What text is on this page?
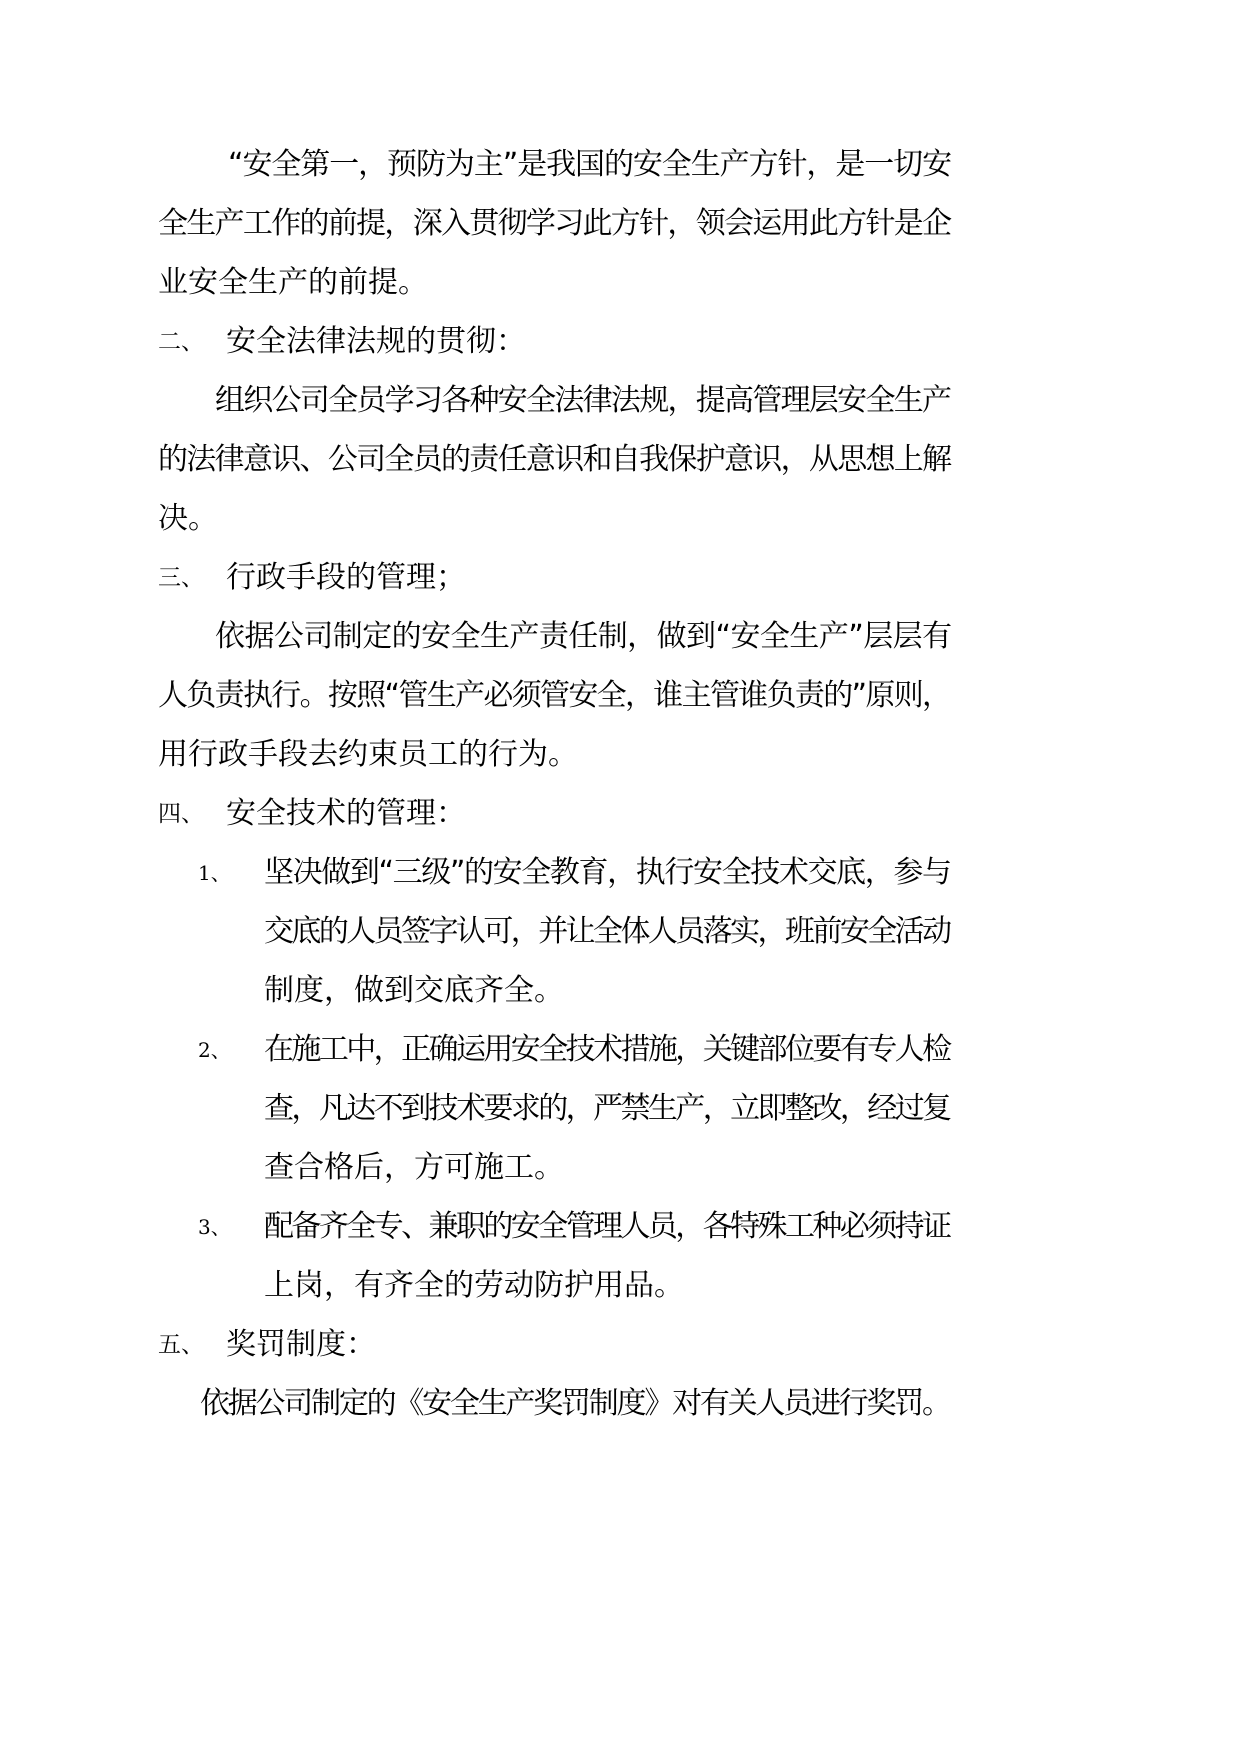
“安全第一，预防为主”是我国的安全生产方针，是一切安
全生产工作的前提，深入贯彻学习此方针，领会运用此方针是企
业安全生产的前提。
二、 安全法律法规的贯彻：
组织公司全员学习各种安全法律法规，提高管理层安全生产
的法律意识、公司全员的责任意识和自我保护意识，从思想上解
决。
三、 行政手段的管理；
依据公司制定的安全生产责任制，做到“安全生产”层层有
人负责执行。按照“管生产必须管安全，谁主管谁负责的”原则，
用行政手段去约束员工的行为。
四、 安全技术的管理：
1、 坚决做到“三级”的安全教育，执行安全技术交底，参与
交底的人员签字认可，并让全体人员落实，班前安全活动
制度，做到交底齐全。
2、 在施工中，正确运用安全技术措施，关键部位要有专人检
查，凡达不到技术要求的，严禁生产，立即整改，经过复
查合格后，方可施工。
3、 配备齐全专、兼职的安全管理人员，各特殊工种必须持证
上岗，有齐全的劳动防护用品。
五、 奖罚制度：
依据公司制定的《安全生产奖罚制度》对有关人员进行奖罚。
